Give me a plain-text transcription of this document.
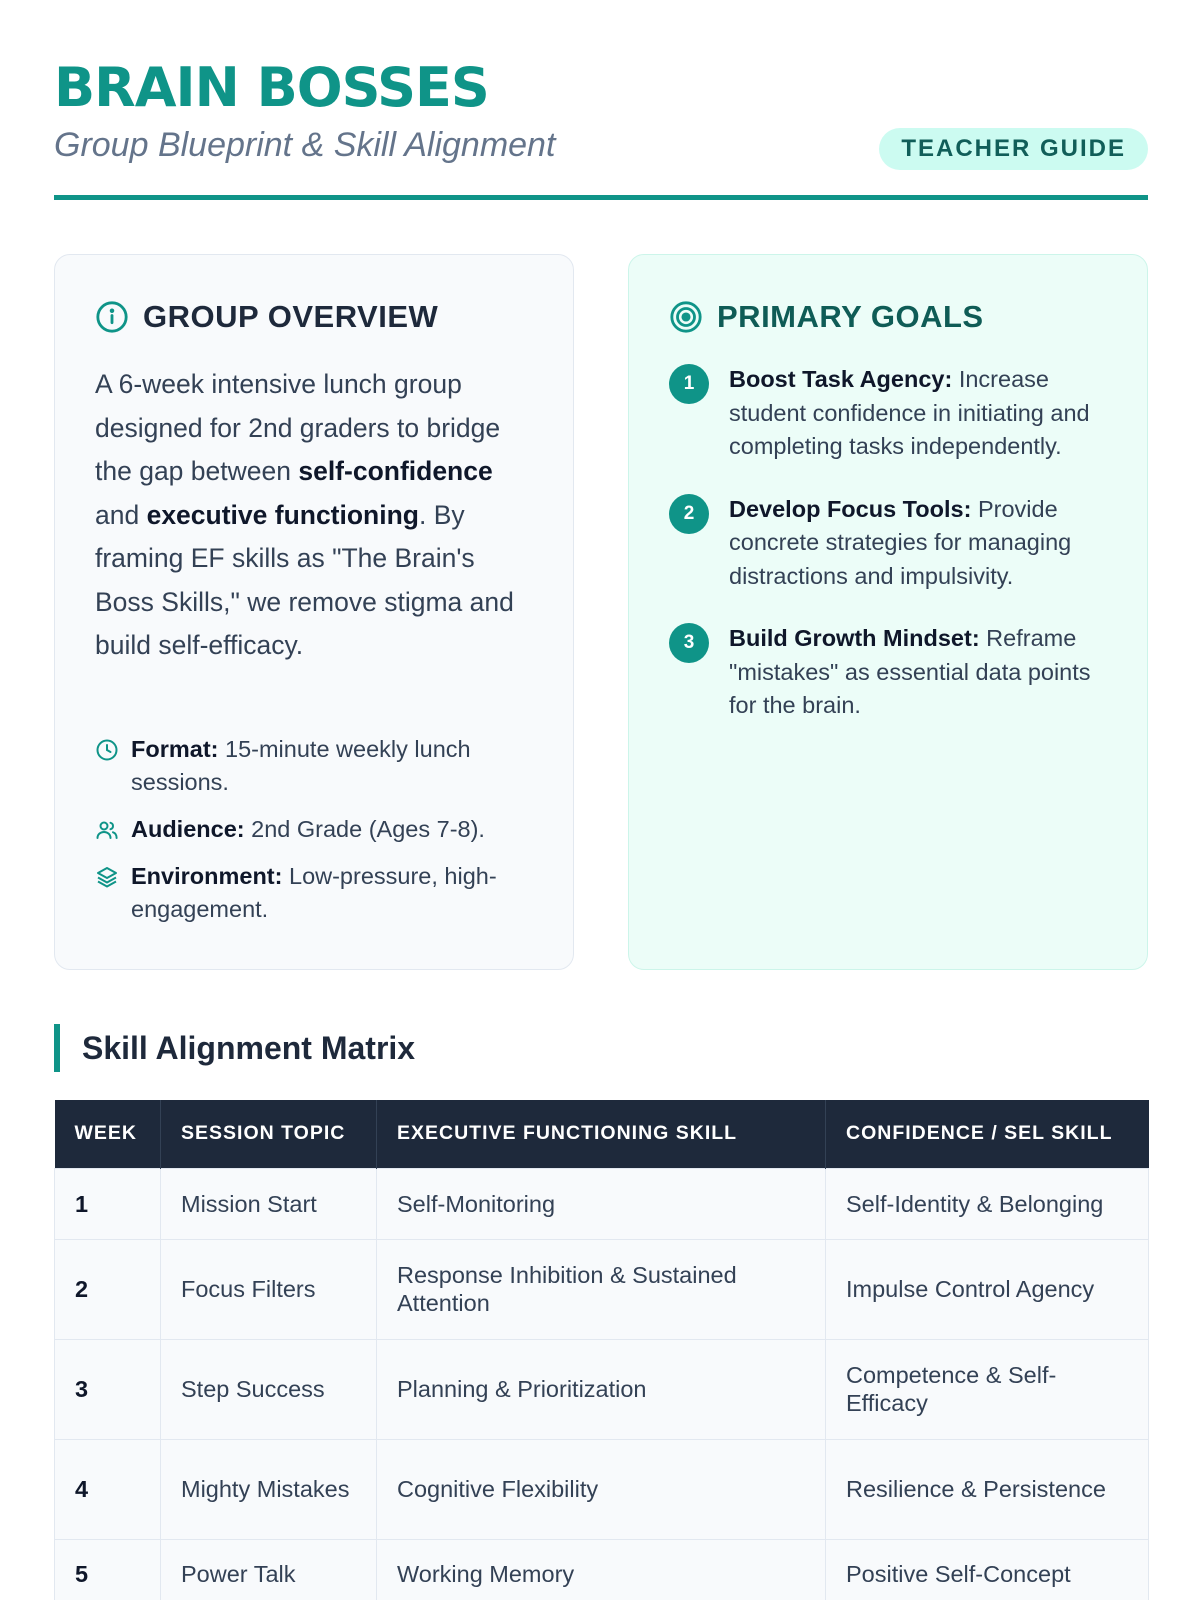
BRAIN BOSSES
Group Blueprint & Skill Alignment	TEACHER GUIDE
GROUP OVERVIEW

A 6-week intensive lunch group designed for 2nd graders to bridge the gap between self-confidence and executive functioning. By framing EF skills as "The Brain's Boss Skills," we remove stigma and build self-efficacy.

Format: 15-minute weekly lunch sessions.
Audience: 2nd Grade (Ages 7-8).
Environment: Low-pressure, high-engagement.
PRIMARY GOALS
1	Boost Task Agency: Increase student confidence in initiating and completing tasks independently.
2	Develop Focus Tools: Provide concrete strategies for managing distractions and impulsivity.
3	Build Growth Mindset: Reframe "mistakes" as essential data points for the brain.
Skill Alignment Matrix
WEEK	SESSION TOPIC	EXECUTIVE FUNCTIONING SKILL	CONFIDENCE / SEL SKILL
1	Mission Start	Self-Monitoring	Self-Identity & Belonging
2	Focus Filters	Response Inhibition & Sustained Attention	Impulse Control Agency
3	Step Success	Planning & Prioritization	Competence & Self-Efficacy
4	Mighty Mistakes	Cognitive Flexibility	Resilience & Persistence
5	Power Talk	Working Memory	Positive Self-Concept
